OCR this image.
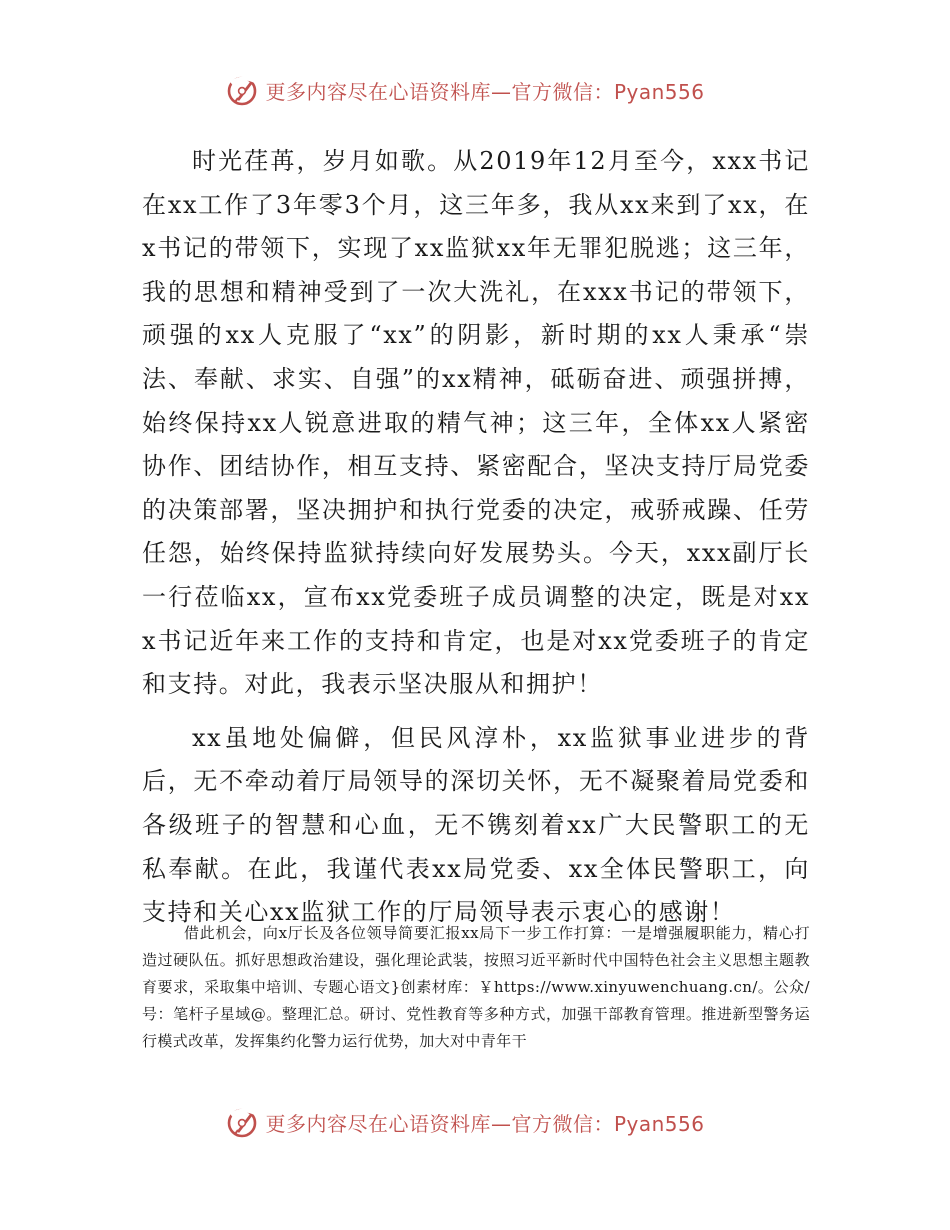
更多内容尽在心语资料库—官方微信：Pyan556

时光荏苒，岁月如歌。从2019年12月至今，xxx书记在xx工作了3年零3个月，这三年多，我从xx来到了xx，在x书记的带领下，实现了xx监狱xx年无罪犯脱逃；这三年，我的思想和精神受到了一次大洗礼，在xxx书记的带领下，顽强的xx人克服了“xx”的阴影，新时期的xx人秉承“崇法、奉献、求实、自强”的xx精神，砥砺奋进、顽强拼搏，始终保持xx人锐意进取的精气神；这三年，全体xx人紧密协作、团结协作，相互支持、紧密配合，坚决支持厅局党委的决策部署，坚决拥护和执行党委的决定，戒骄戒躁、任劳任怨，始终保持监狱持续向好发展势头。今天，xxx副厅长一行莅临xx，宣布xx党委班子成员调整的决定，既是对xxx书记近年来工作的支持和肯定，也是对xx党委班子的肯定和支持。对此，我表示坚决服从和拥护！

xx虽地处偏僻，但民风淳朴，xx监狱事业进步的背后，无不牵动着厅局领导的深切关怀，无不凝聚着局党委和各级班子的智慧和心血，无不镌刻着xx广大民警职工的无私奉献。在此，我谨代表xx局党委、xx全体民警职工，向支持和关心xx监狱工作的厅局领导表示衷心的感谢！

借此机会，向x厅长及各位领导简要汇报xx局下一步工作打算：一是增强履职能力，精心打造过硬队伍。抓好思想政治建设，强化理论武装，按照习近平新时代中国特色社会主义思想主题教育要求，采取集中培训、专题心语文}创素材库：￥https://www.xinyuwenchuang.cn/。公众/号：笔杆子星域@。整理汇总。研讨、党性教育等多种方式，加强干部教育管理。推进新型警务运行模式改革，发挥集约化警力运行优势，加大对中青年干

更多内容尽在心语资料库—官方微信：Pyan556
